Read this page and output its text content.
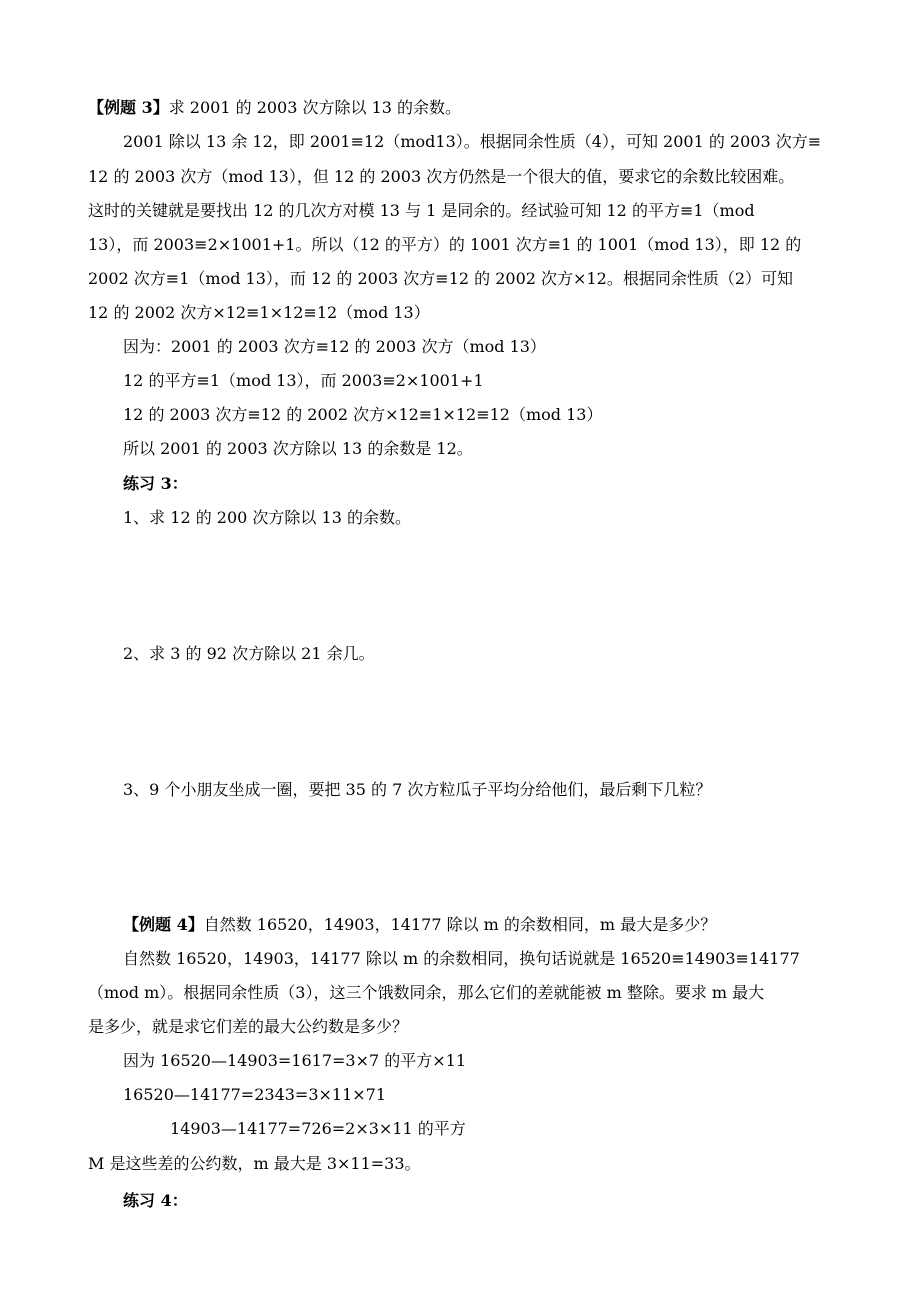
【例题 3】求 2001 的 2003 次方除以 13 的余数。
2001 除以 13 余 12，即 2001≡12（mod13）。根据同余性质（4），可知 2001 的 2003 次方≡
12 的 2003 次方（mod 13），但 12 的 2003 次方仍然是一个很大的值，要求它的余数比较困难。
这时的关键就是要找出 12 的几次方对模 13 与 1 是同余的。经试验可知 12 的平方≡1（mod
13），而 2003≡2×1001+1。所以（12 的平方）的 1001 次方≡1 的 1001（mod 13），即 12 的
2002 次方≡1（mod 13），而 12 的 2003 次方≡12 的 2002 次方×12。根据同余性质（2）可知
12 的 2002 次方×12≡1×12≡12（mod 13）
因为：2001 的 2003 次方≡12 的 2003 次方（mod 13）
12 的平方≡1（mod 13），而 2003≡2×1001+1
12 的 2003 次方≡12 的 2002 次方×12≡1×12≡12（mod 13）
所以 2001 的 2003 次方除以 13 的余数是 12。
练习 3：
1、求 12 的 200 次方除以 13 的余数。
2、求 3 的 92 次方除以 21 余几。
3、9 个小朋友坐成一圈，要把 35 的 7 次方粒瓜子平均分给他们，最后剩下几粒？
【例题 4】自然数 16520，14903，14177 除以 m 的余数相同，m 最大是多少？
自然数 16520，14903，14177 除以 m 的余数相同，换句话说就是 16520≡14903≡14177
（mod m）。根据同余性质（3），这三个饿数同余，那么它们的差就能被 m 整除。要求 m 最大
是多少，就是求它们差的最大公约数是多少？
因为 16520—14903=1617=3×7 的平方×11
16520—14177=2343=3×11×71
14903—14177=726=2×3×11 的平方
M 是这些差的公约数，m 最大是 3×11=33。
练习 4：
